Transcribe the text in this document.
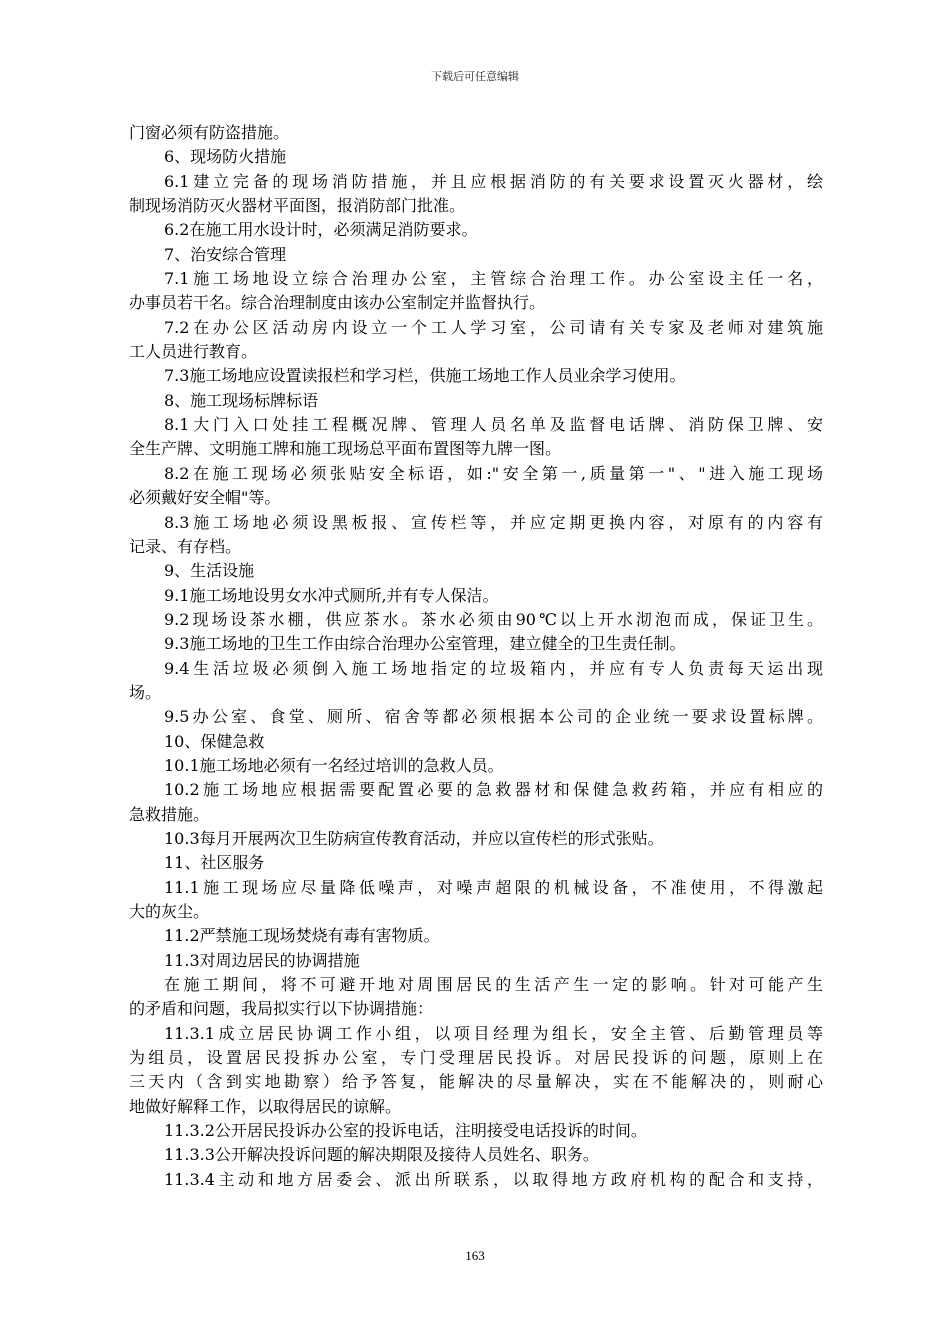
下载后可任意编辑
门窗必须有防盗措施。
6、现场防火措施
6.1建立完备的现场消防措施，并且应根据消防的有关要求设置灭火器材，绘
制现场消防灭火器材平面图，报消防部门批准。
6.2在施工用水设计时，必须满足消防要求。
7、治安综合管理
7.1施工场地设立综合治理办公室，主管综合治理工作。办公室设主任一名，
办事员若干名。综合治理制度由该办公室制定并监督执行。
7.2在办公区活动房内设立一个工人学习室，公司请有关专家及老师对建筑施
工人员进行教育。
7.3施工场地应设置读报栏和学习栏，供施工场地工作人员业余学习使用。
8、施工现场标牌标语
8.1大门入口处挂工程概况牌、管理人员名单及监督电话牌、消防保卫牌、安
全生产牌、文明施工牌和施工现场总平面布置图等九牌一图。
8.2在施工现场必须张贴安全标语，如:"安全第一,质量第一"、"进入施工现场
必须戴好安全帽"等。
8.3施工场地必须设黑板报、宣传栏等，并应定期更换内容，对原有的内容有
记录、有存档。
9、生活设施
9.1施工场地设男女水冲式厕所,并有专人保洁。
9.2现场设茶水棚，供应茶水。茶水必须由90℃以上开水沏泡而成，保证卫生。
9.3施工场地的卫生工作由综合治理办公室管理，建立健全的卫生责任制。
9.4生活垃圾必须倒入施工场地指定的垃圾箱内，并应有专人负责每天运出现
场。
9.5办公室、食堂、厕所、宿舍等都必须根据本公司的企业统一要求设置标牌。
10、保健急救
10.1施工场地必须有一名经过培训的急救人员。
10.2施工场地应根据需要配置必要的急救器材和保健急救药箱，并应有相应的
急救措施。
10.3每月开展两次卫生防病宣传教育活动，并应以宣传栏的形式张贴。
11、社区服务
11.1施工现场应尽量降低噪声，对噪声超限的机械设备，不准使用，不得激起
大的灰尘。
11.2严禁施工现场焚烧有毒有害物质。
11.3对周边居民的协调措施
在施工期间，将不可避开地对周围居民的生活产生一定的影响。针对可能产生
的矛盾和问题，我局拟实行以下协调措施：
11.3.1成立居民协调工作小组，以项目经理为组长，安全主管、后勤管理员等
为组员，设置居民投拆办公室，专门受理居民投诉。对居民投诉的问题，原则上在
三天内（含到实地勘察）给予答复，能解决的尽量解决，实在不能解决的，则耐心
地做好解释工作，以取得居民的谅解。
11.3.2公开居民投诉办公室的投诉电话，注明接受电话投诉的时间。
11.3.3公开解决投诉问题的解决期限及接待人员姓名、职务。
11.3.4主动和地方居委会、派出所联系，以取得地方政府机构的配合和支持，
163
